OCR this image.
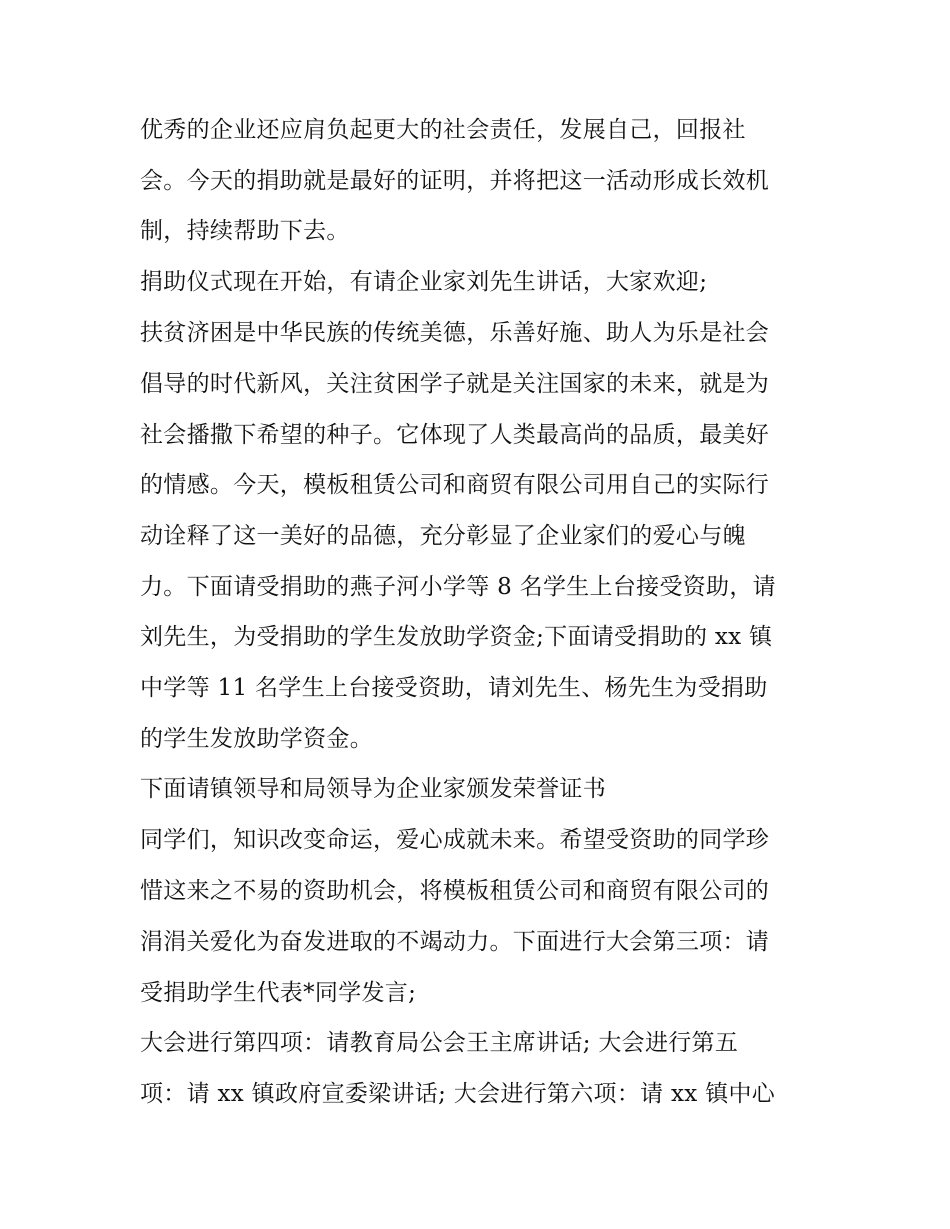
优秀的企业还应肩负起更大的社会责任，发展自己，回报社
会。今天的捐助就是最好的证明，并将把这一活动形成长效机
制，持续帮助下去。
捐助仪式现在开始，有请企业家刘先生讲话，大家欢迎;
扶贫济困是中华民族的传统美德，乐善好施、助人为乐是社会
倡导的时代新风，关注贫困学子就是关注国家的未来，就是为
社会播撒下希望的种子。它体现了人类最高尚的品质，最美好
的情感。今天，模板租赁公司和商贸有限公司用自己的实际行
动诠释了这一美好的品德，充分彰显了企业家们的爱心与魄
力。下面请受捐助的燕子河小学等 8 名学生上台接受资助，请
刘先生，为受捐助的学生发放助学资金;下面请受捐助的 xx 镇
中学等 11 名学生上台接受资助，请刘先生、杨先生为受捐助
的学生发放助学资金。
下面请镇领导和局领导为企业家颁发荣誉证书
同学们，知识改变命运，爱心成就未来。希望受资助的同学珍
惜这来之不易的资助机会，将模板租赁公司和商贸有限公司的
涓涓关爱化为奋发进取的不竭动力。下面进行大会第三项：请
受捐助学生代表*同学发言;
大会进行第四项：请教育局公会王主席讲话; 大会进行第五
项：请 xx 镇政府宣委梁讲话; 大会进行第六项：请 xx 镇中心
